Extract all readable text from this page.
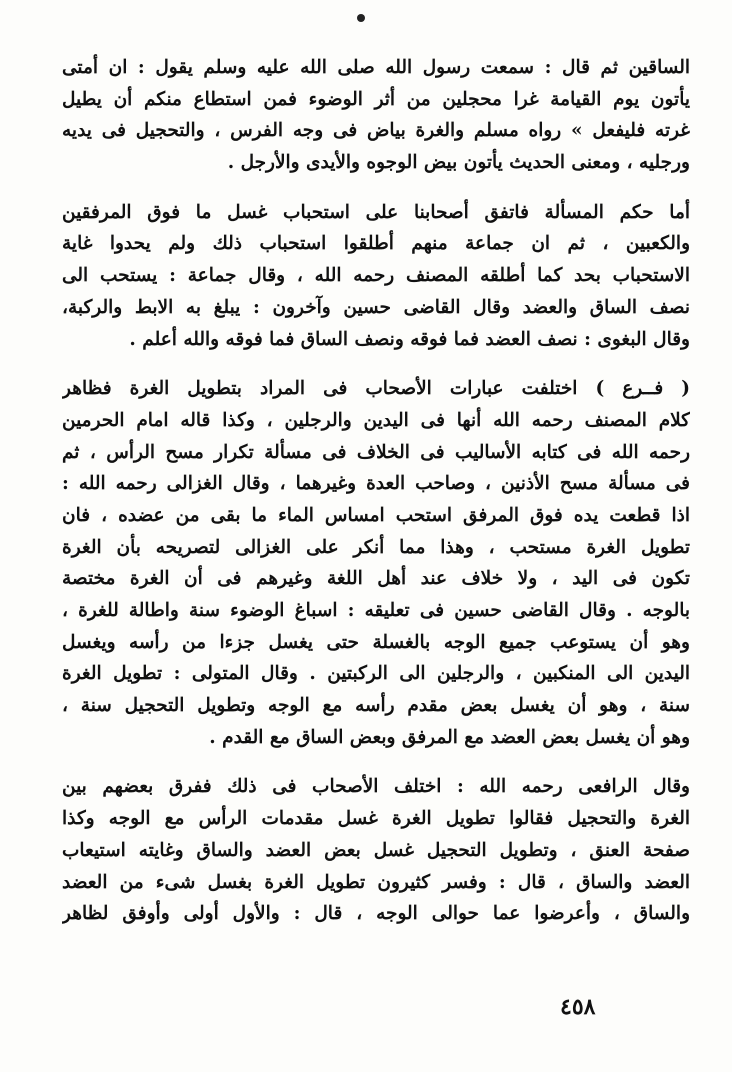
الساقين ثم قال : سمعت رسول الله صلى الله عليه وسلم يقول : ان أمتى
يأتون يوم القيامة غرا محجلين من أثر الوضوء فمن استطاع منكم أن يطيل
غرته فليفعل » رواه مسلم والغرة بياض فى وجه الفرس ، والتحجيل فى يديه
ورجليه ، ومعنى الحديث يأتون بيض الوجوه والأيدى والأرجل .
أما حكم المسألة فاتفق أصحابنا على استحباب غسل ما فوق المرفقين
والكعبين ، ثم ان جماعة منهم أطلقوا استحباب ذلك ولم يحدوا غاية
الاستحباب بحد كما أطلقه المصنف رحمه الله ، وقال جماعة : يستحب الى
نصف الساق والعضد وقال القاضى حسين وآخرون : يبلغ به الابط والركبة،
وقال البغوى : نصف العضد فما فوقه ونصف الساق فما فوقه والله أعلم .
( فــرع ) اختلفت عبارات الأصحاب فى المراد بتطويل الغرة فظاهر
كلام المصنف رحمه الله أنها فى اليدين والرجلين ، وكذا قاله امام الحرمين
رحمه الله فى كتابه الأساليب فى الخلاف فى مسألة تكرار مسح الرأس ، ثم
فى مسألة مسح الأذنين ، وصاحب العدة وغيرهما ، وقال الغزالى رحمه الله :
اذا قطعت يده فوق المرفق استحب امساس الماء ما بقى من عضده ، فان
تطويل الغرة مستحب ، وهذا مما أنكر على الغزالى لتصريحه بأن الغرة
تكون فى اليد ، ولا خلاف عند أهل اللغة وغيرهم فى أن الغرة مختصة
بالوجه . وقال القاضى حسين فى تعليقه : اسباغ الوضوء سنة واطالة للغرة ،
وهو أن يستوعب جميع الوجه بالغسلة حتى يغسل جزءا من رأسه ويغسل
اليدين الى المنكبين ، والرجلين الى الركبتين . وقال المتولى : تطويل الغرة
سنة ، وهو أن يغسل بعض مقدم رأسه مع الوجه وتطويل التحجيل سنة ،
وهو أن يغسل بعض العضد مع المرفق وبعض الساق مع القدم .
وقال الرافعى رحمه الله : اختلف الأصحاب فى ذلك ففرق بعضهم بين
الغرة والتحجيل فقالوا تطويل الغرة غسل مقدمات الرأس مع الوجه وكذا
صفحة العنق ، وتطويل التحجيل غسل بعض العضد والساق وغايته استيعاب
العضد والساق ، قال : وفسر كثيرون تطويل الغرة بغسل شىء من العضد
والساق ، وأعرضوا عما حوالى الوجه ، قال : والأول أولى وأوفق لظاهر
٤٥٨
